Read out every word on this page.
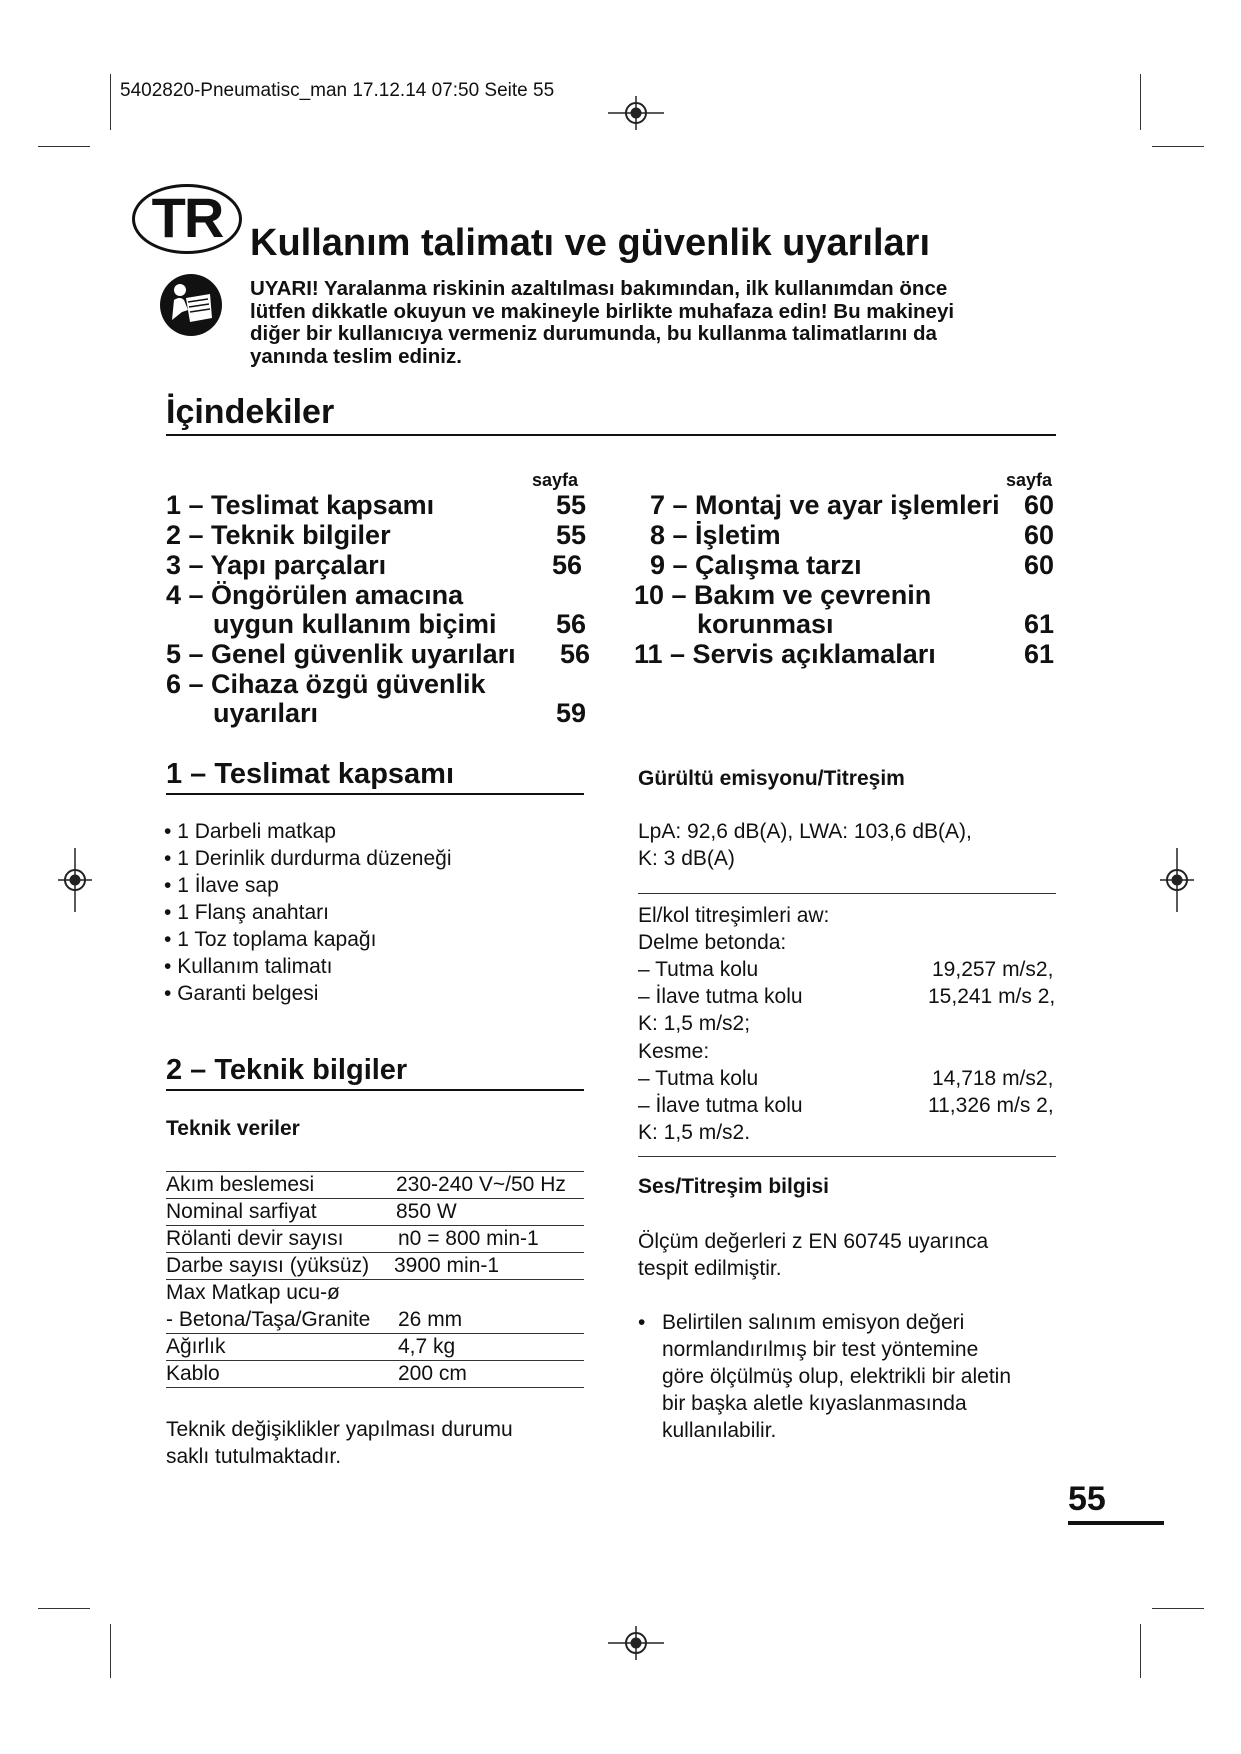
5402820-Pneumatisc_man 17.12.14 07:50 Seite 55
TR Kullanım talimatı ve güvenlik uyarıları
UYARI! Yaralanma riskinin azaltılması bakımından, ilk kullanımdan önce
lütfen dikkatle okuyun ve makineyle birlikte muhafaza edin! Bu makineyi
diğer bir kullanıcıya vermeniz durumunda, bu kullanma talimatlarını da
yanında teslim ediniz.
İçindekiler
sayfa
1 – Teslimat kapsamı	55
2 – Teknik bilgiler	55
3 – Yapı parçaları	56
4 – Öngörülen amacına
uygun kullanım biçimi	56
5 – Genel güvenlik uyarıları	56
6 – Cihaza özgü güvenlik
uyarıları	59
sayfa
7 – Montaj ve ayar işlemleri 60
8 – İşletim	60
9 – Çalışma tarzı	60
10 – Bakım ve çevrenin
korunması	61
11 – Servis açıklamaları	61
1 – Teslimat kapsamı
• 1 Darbeli matkap
• 1 Derinlik durdurma düzeneği
• 1 İlave sap
• 1 Flanş anahtarı
• 1 Toz toplama kapağı
• Kullanım talimatı
• Garanti belgesi
2 – Teknik bilgiler
Teknik veriler
Akım beslemesi	230-240 V~/50 Hz
Nominal sarfiyat	850 W
Rölanti devir sayısı	n0 = 800 min-1
Darbe sayısı (yüksüz) 3900 min-1
Max Matkap ucu-ø
- Betona/Taşa/Granite 26 mm
Ağırlık	4,7 kg
Kablo	200 cm
Teknik değişiklikler yapılması durumu
saklı tutulmaktadır.
Gürültü emisyonu/Titreşim
LpA: 92,6 dB(A), LWA: 103,6 dB(A),
K: 3 dB(A)
El/kol titreşimleri aw:
Delme betonda:
– Tutma kolu	19,257 m/s2,
– İlave tutma kolu	15,241 m/s 2,
K: 1,5 m/s2;
Kesme:
– Tutma kolu	14,718 m/s2,
– İlave tutma kolu	11,326 m/s 2,
K: 1,5 m/s2.
Ses/Titreşim bilgisi
Ölçüm değerleri z EN 60745 uyarınca
tespit edilmiştir.
• Belirtilen salınım emisyon değeri
normlandırılmış bir test yöntemine
göre ölçülmüş olup, elektrikli bir aletin
bir başka aletle kıyaslanmasında
kullanılabilir.
55
